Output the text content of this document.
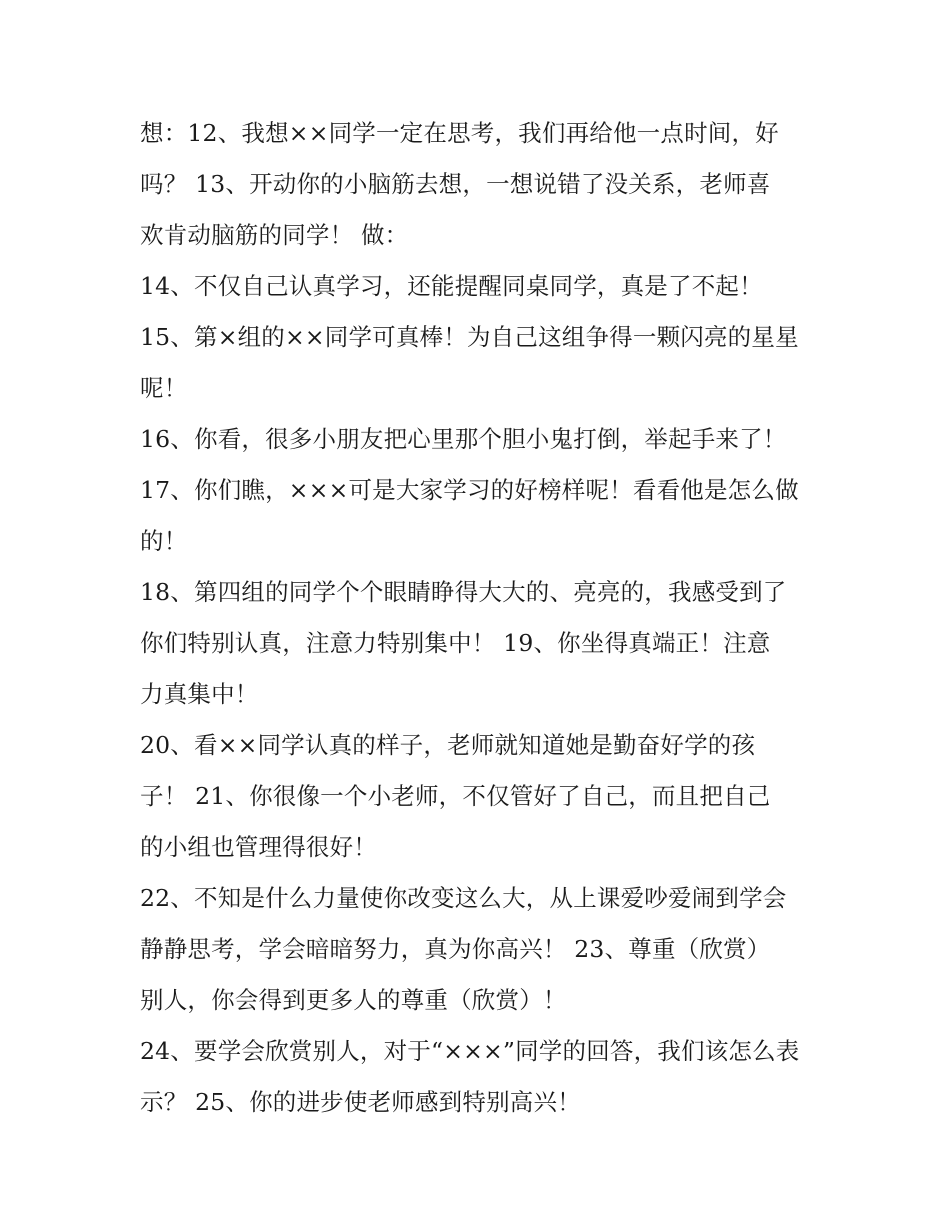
想：12、我想××同学一定在思考，我们再给他一点时间，好
吗？ 13、开动你的小脑筋去想，一想说错了没关系，老师喜
欢肯动脑筋的同学！ 做：
14、不仅自己认真学习，还能提醒同桌同学，真是了不起！
15、第×组的××同学可真棒！为自己这组争得一颗闪亮的星星
呢！
16、你看，很多小朋友把心里那个胆小鬼打倒，举起手来了！
17、你们瞧，×××可是大家学习的好榜样呢！看看他是怎么做
的！
18、第四组的同学个个眼睛睁得大大的、亮亮的，我感受到了
你们特别认真，注意力特别集中！ 19、你坐得真端正！注意
力真集中！
20、看××同学认真的样子，老师就知道她是勤奋好学的孩
子！ 21、你很像一个小老师，不仅管好了自己，而且把自己
的小组也管理得很好！
22、不知是什么力量使你改变这么大，从上课爱吵爱闹到学会
静静思考，学会暗暗努力，真为你高兴！ 23、尊重（欣赏）
别人，你会得到更多人的尊重（欣赏）！
24、要学会欣赏别人，对于“×××”同学的回答，我们该怎么表
示？ 25、你的进步使老师感到特别高兴！
